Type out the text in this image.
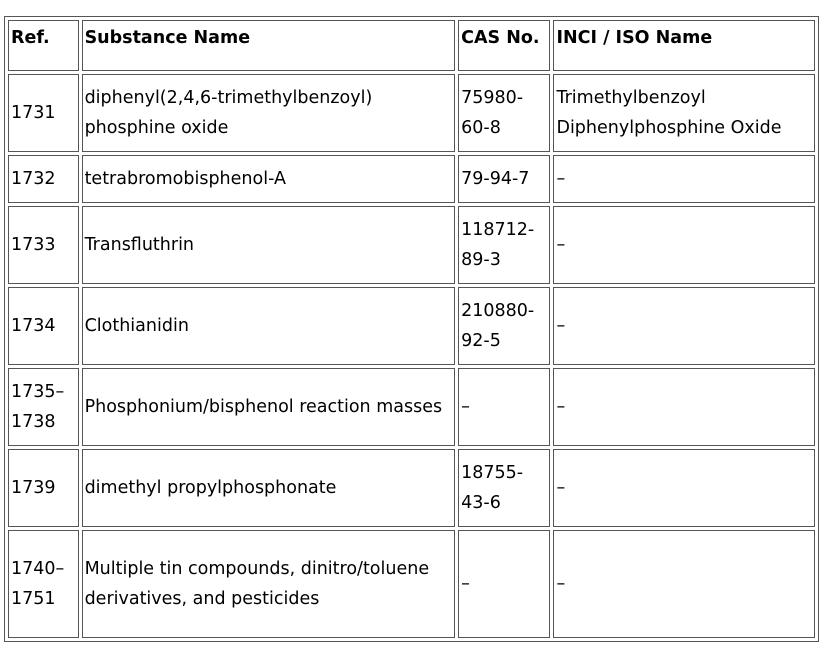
Ref.	Substance Name	CAS No.	INCI / ISO Name
1731	diphenyl(2,4,6-trimethylbenzoyl) phosphine oxide	75980-60-8	Trimethylbenzoyl Diphenylphosphine Oxide
1732	tetrabromobisphenol-A	79-94-7	–
1733	Transfluthrin	118712-89-3	–
1734	Clothianidin	210880-92-5	–
1735–1738	Phosphonium/bisphenol reaction masses	–	–
1739	dimethyl propylphosphonate	18755-43-6	–
1740–1751	Multiple tin compounds, dinitro/toluene derivatives, and pesticides	–	–
